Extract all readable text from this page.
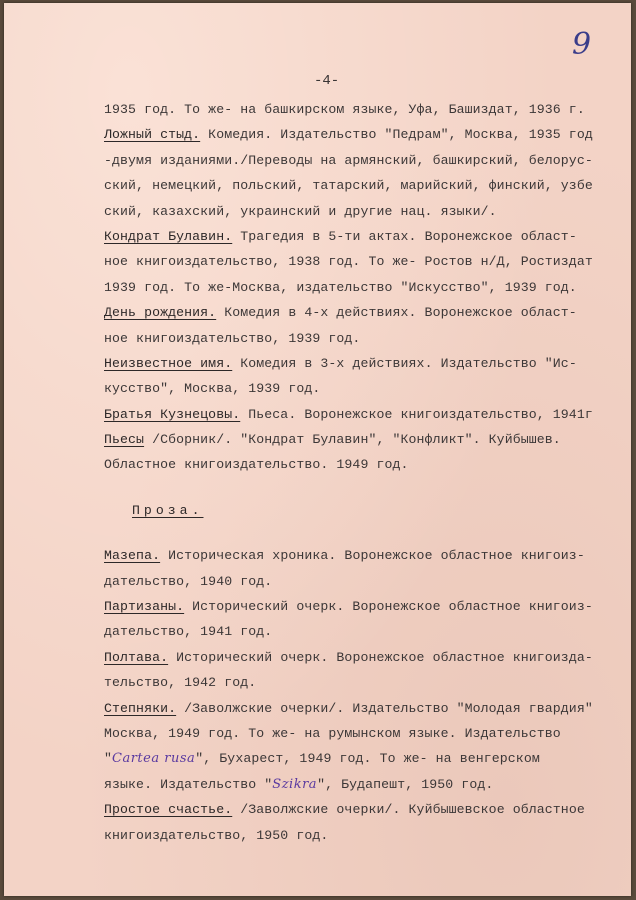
9
-4-
1935 год. То же- на башкирском языке, Уфа, Башиздат, 1936 г.
Ложный стыд. Комедия. Издательство "Педрам", Москва, 1935 год
-двумя изданиями./Переводы на армянский, башкирский, белорус-
ский, немецкий, польский, татарский, марийский, финский, узбе
ский, казахский, украинский и другие нац. языки/.
Кондрат Булавин. Трагедия в 5-ти актах. Воронежское област-
ное книгоиздательство, 1938 год. То же- Ростов н/Д, Ростиздат
1939 год. То же-Москва, издательство "Искусство", 1939 год.
День рождения. Комедия в 4-х действиях. Воронежское област-
ное книгоиздательство, 1939 год.
Неизвестное имя. Комедия в 3-х действиях. Издательство "Ис-
кусство", Москва, 1939 год.
Братья Кузнецовы. Пьеса. Воронежское книгоиздательство, 1941г
Пьесы /Сборник/. "Кондрат Булавин", "Конфликт". Куйбышев.
Областное книгоиздательство. 1949 год.
Проза.
Мазепа. Историческая хроника. Воронежское областное книгоиз-
дательство, 1940 год.
Партизаны. Исторический очерк. Воронежское областное книгоиз-
дательство, 1941 год.
Полтава. Исторический очерк. Воронежское областное книгоизда-
тельство, 1942 год.
Степняки. /Заволжские очерки/. Издательство "Молодая гвардия"
Москва, 1949 год. То же- на румынском языке. Издательство
"Cartea rusa", Бухарест, 1949 год. То же- на венгерском
языке. Издательство "Szikra", Будапешт, 1950 год.
Простое счастье. /Заволжские очерки/. Куйбышевское областное
книгоиздательство, 1950 год.
